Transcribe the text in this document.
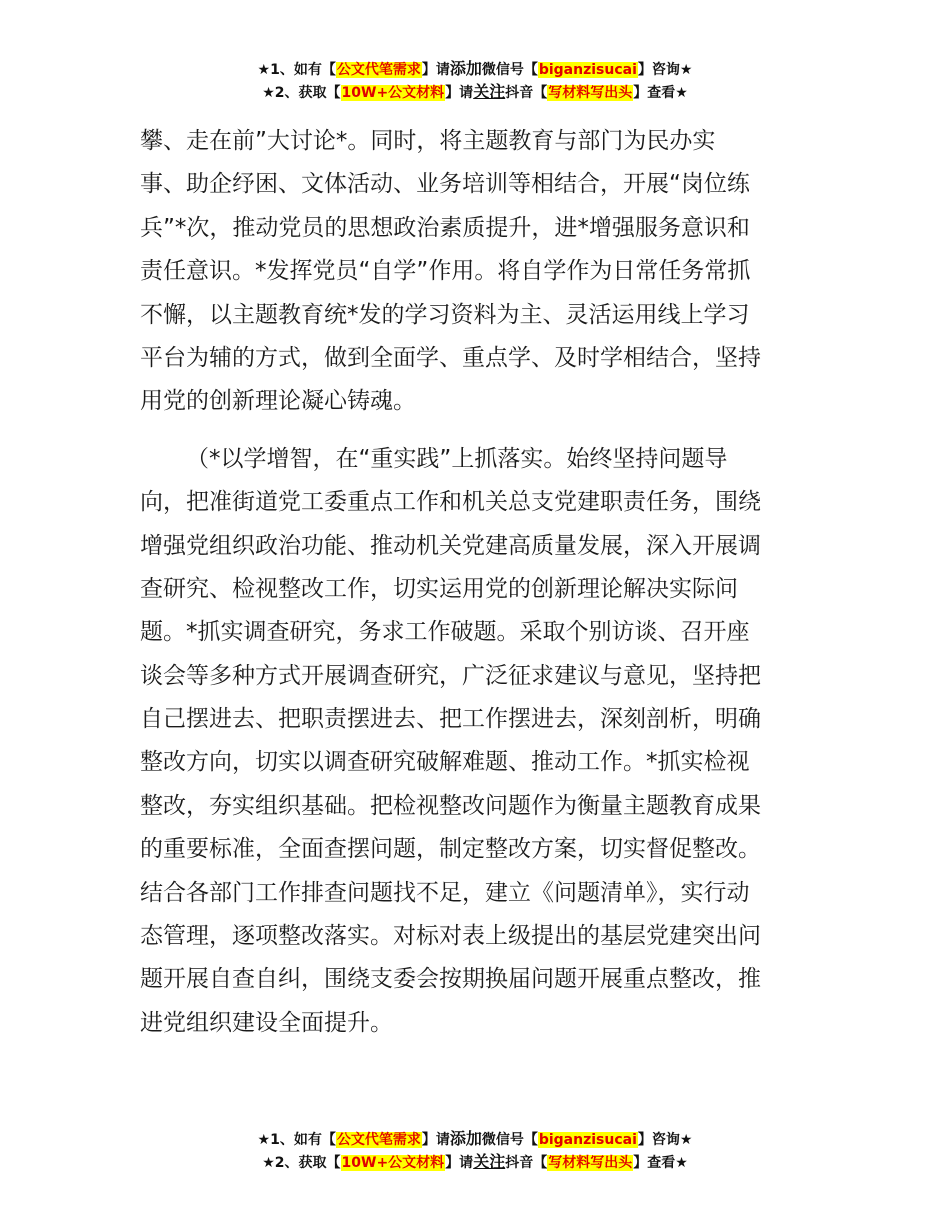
★1、如有【公文代笔需求】请添加微信号【biganzisucai】咨询★
★2、获取【10W+公文材料】请关注抖音【写材料写出头】查看★
攀、走在前”大讨论*。同时，将主题教育与部门为民办实
事、助企纾困、文体活动、业务培训等相结合，开展“岗位练
兵”*次，推动党员的思想政治素质提升，进*增强服务意识和
责任意识。*发挥党员“自学”作用。将自学作为日常任务常抓
不懈，以主题教育统*发的学习资料为主、灵活运用线上学习
平台为辅的方式，做到全面学、重点学、及时学相结合，坚持
用党的创新理论凝心铸魂。
（*以学增智，在“重实践”上抓落实。始终坚持问题导
向，把准街道党工委重点工作和机关总支党建职责任务，围绕
增强党组织政治功能、推动机关党建高质量发展，深入开展调
查研究、检视整改工作，切实运用党的创新理论解决实际问
题。*抓实调查研究，务求工作破题。采取个别访谈、召开座
谈会等多种方式开展调查研究，广泛征求建议与意见，坚持把
自己摆进去、把职责摆进去、把工作摆进去，深刻剖析，明确
整改方向，切实以调查研究破解难题、推动工作。*抓实检视
整改，夯实组织基础。把检视整改问题作为衡量主题教育成果
的重要标准，全面查摆问题，制定整改方案，切实督促整改。
结合各部门工作排查问题找不足，建立《问题清单》，实行动
态管理，逐项整改落实。对标对表上级提出的基层党建突出问
题开展自查自纠，围绕支委会按期换届问题开展重点整改，推
进党组织建设全面提升。
★1、如有【公文代笔需求】请添加微信号【biganzisucai】咨询★
★2、获取【10W+公文材料】请关注抖音【写材料写出头】查看★
